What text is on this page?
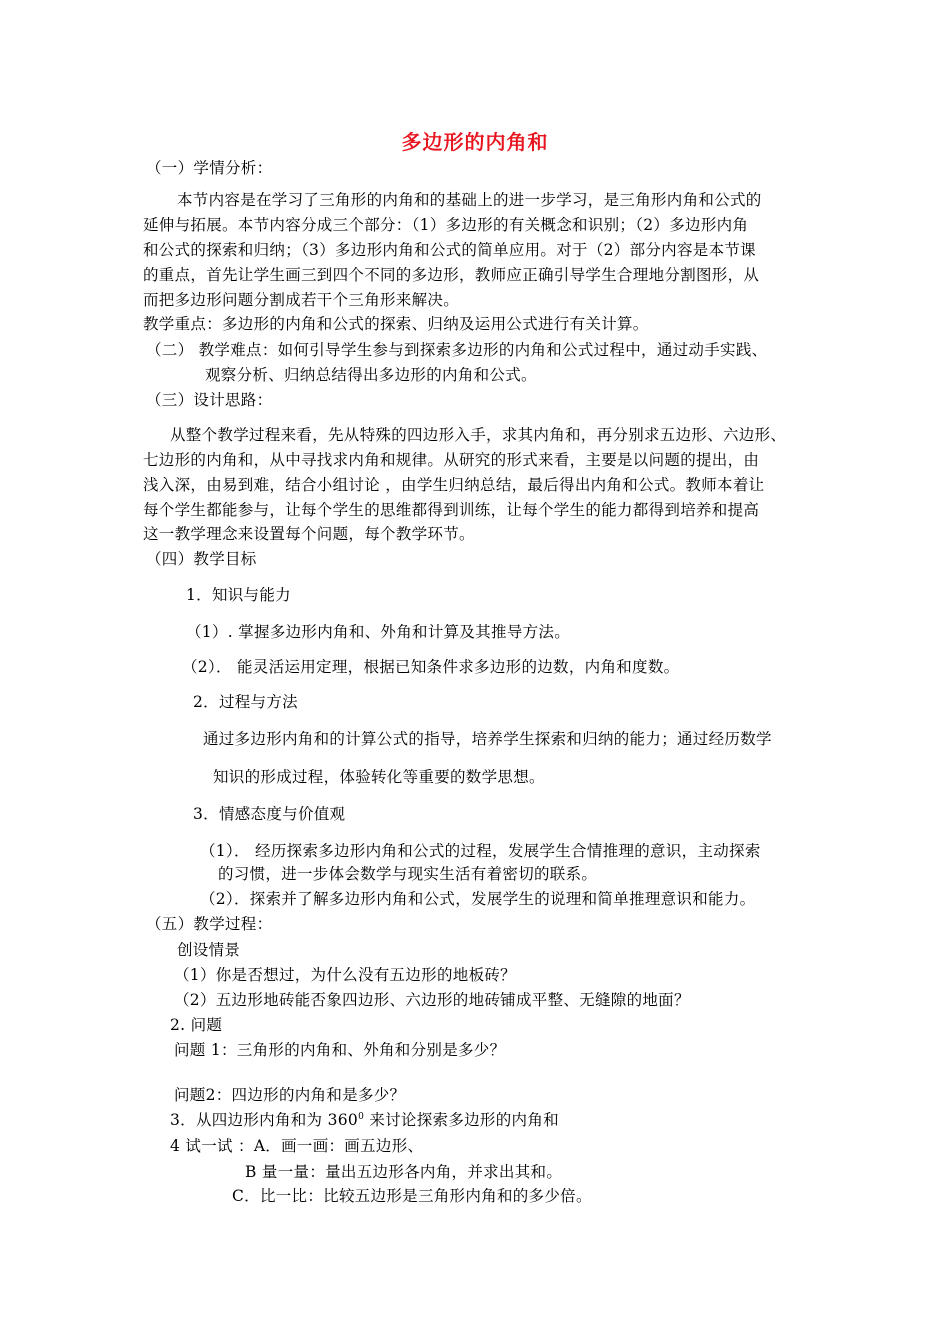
多边形的内角和
（一）学情分析：
本节内容是在学习了三角形的内角和的基础上的进一步学习，是三角形内角和公式的
延伸与拓展。本节内容分成三个部分：（1）多边形的有关概念和识别；（2）多边形内角
和公式的探索和归纳；（3）多边形内角和公式的简单应用。对于（2）部分内容是本节课
的重点，首先让学生画三到四个不同的多边形，教师应正确引导学生合理地分割图形，从
而把多边形问题分割成若干个三角形来解决。
教学重点：多边形的内角和公式的探索、归纳及运用公式进行有关计算。
（二） 教学难点：如何引导学生参与到探索多边形的内角和公式过程中，通过动手实践、
观察分析、归纳总结得出多边形的内角和公式。
（三）设计思路：
从整个教学过程来看，先从特殊的四边形入手，求其内角和，再分别求五边形、六边形、
七边形的内角和，从中寻找求内角和规律。从研究的形式来看，主要是以问题的提出，由
浅入深，由易到难，结合小组讨论 ，由学生归纳总结，最后得出内角和公式。教师本着让
每个学生都能参与，让每个学生的思维都得到训练，让每个学生的能力都得到培养和提高
这一教学理念来设置每个问题，每个教学环节。
（四）教学目标
1．知识与能力
（1）. 掌握多边形内角和、外角和计算及其推导方法。
（2）． 能灵活运用定理，根据已知条件求多边形的边数，内角和度数。
2．过程与方法
通过多边形内角和的计算公式的指导，培养学生探索和归纳的能力；通过经历数学
知识的形成过程，体验转化等重要的数学思想。
3．情感态度与价值观
（1）． 经历探索多边形内角和公式的过程，发展学生合情推理的意识，主动探索
的习惯，进一步体会数学与现实生活有着密切的联系。
（2）．探索并了解多边形内角和公式，发展学生的说理和简单推理意识和能力。
（五）教学过程：
创设情景
（1）你是否想过，为什么没有五边形的地板砖？
（2）五边形地砖能否象四边形、六边形的地砖铺成平整、无缝隙的地面？
2. 问题
问题 1：三角形的内角和、外角和分别是多少？
问题2：四边形的内角和是多少？
3．从四边形内角和为 $360^0$ 来讨论探索多边形的内角和
4 试一试 ：A．画一画：画五边形、
B 量一量：量出五边形各内角，并求出其和。
C．比一比：比较五边形是三角形内角和的多少倍。
